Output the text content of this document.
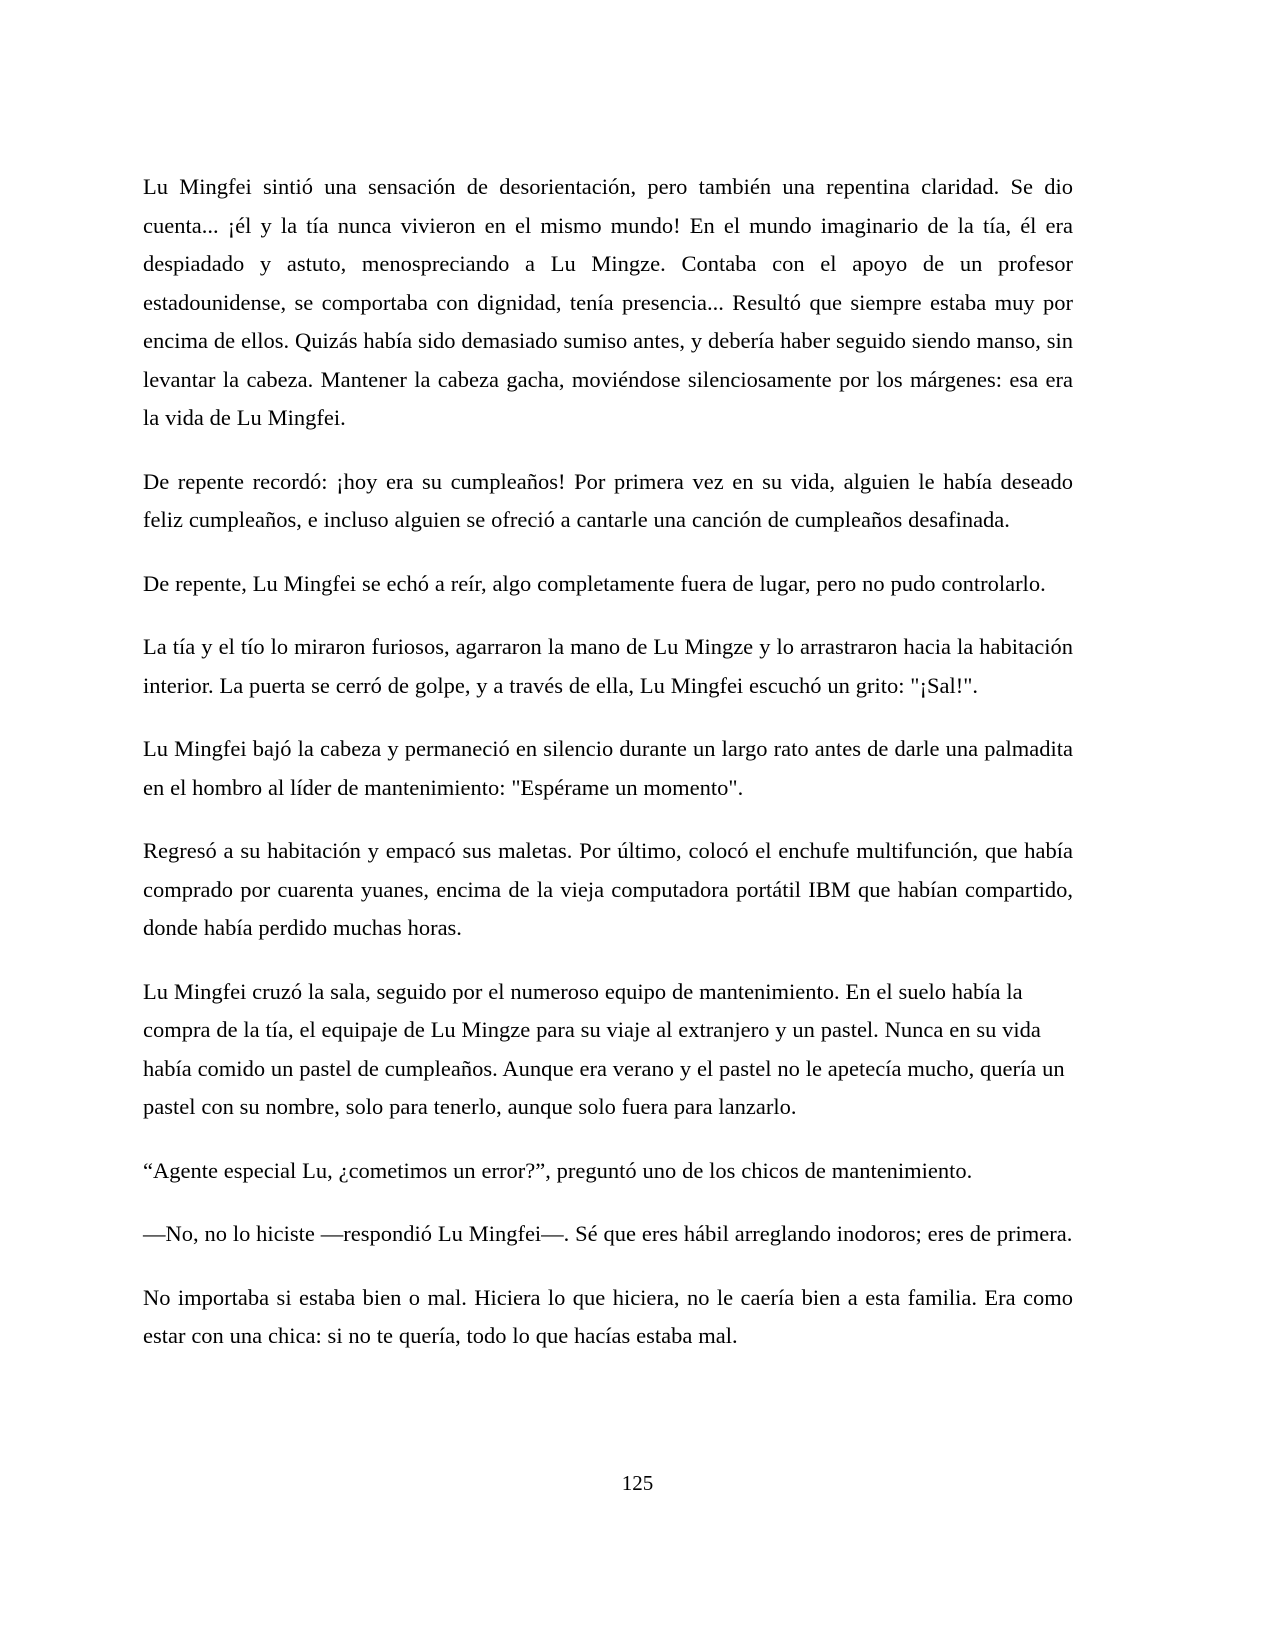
Lu Mingfei sintió una sensación de desorientación, pero también una repentina claridad. Se dio cuenta... ¡él y la tía nunca vivieron en el mismo mundo! En el mundo imaginario de la tía, él era despiadado y astuto, menospreciando a Lu Mingze. Contaba con el apoyo de un profesor estadounidense, se comportaba con dignidad, tenía presencia... Resultó que siempre estaba muy por encima de ellos. Quizás había sido demasiado sumiso antes, y debería haber seguido siendo manso, sin levantar la cabeza. Mantener la cabeza gacha, moviéndose silenciosamente por los márgenes: esa era la vida de Lu Mingfei.

De repente recordó: ¡hoy era su cumpleaños! Por primera vez en su vida, alguien le había deseado feliz cumpleaños, e incluso alguien se ofreció a cantarle una canción de cumpleaños desafinada.

De repente, Lu Mingfei se echó a reír, algo completamente fuera de lugar, pero no pudo controlarlo.

La tía y el tío lo miraron furiosos, agarraron la mano de Lu Mingze y lo arrastraron hacia la habitación interior. La puerta se cerró de golpe, y a través de ella, Lu Mingfei escuchó un grito: "¡Sal!".

Lu Mingfei bajó la cabeza y permaneció en silencio durante un largo rato antes de darle una palmadita en el hombro al líder de mantenimiento: "Espérame un momento".

Regresó a su habitación y empacó sus maletas. Por último, colocó el enchufe multifunción, que había comprado por cuarenta yuanes, encima de la vieja computadora portátil IBM que habían compartido, donde había perdido muchas horas.

Lu Mingfei cruzó la sala, seguido por el numeroso equipo de mantenimiento. En el suelo había la compra de la tía, el equipaje de Lu Mingze para su viaje al extranjero y un pastel. Nunca en su vida había comido un pastel de cumpleaños. Aunque era verano y el pastel no le apetecía mucho, quería un pastel con su nombre, solo para tenerlo, aunque solo fuera para lanzarlo.

“Agente especial Lu, ¿cometimos un error?”, preguntó uno de los chicos de mantenimiento.

—No, no lo hiciste —respondió Lu Mingfei—. Sé que eres hábil arreglando inodoros; eres de primera.

No importaba si estaba bien o mal. Hiciera lo que hiciera, no le caería bien a esta familia. Era como estar con una chica: si no te quería, todo lo que hacías estaba mal.

125
